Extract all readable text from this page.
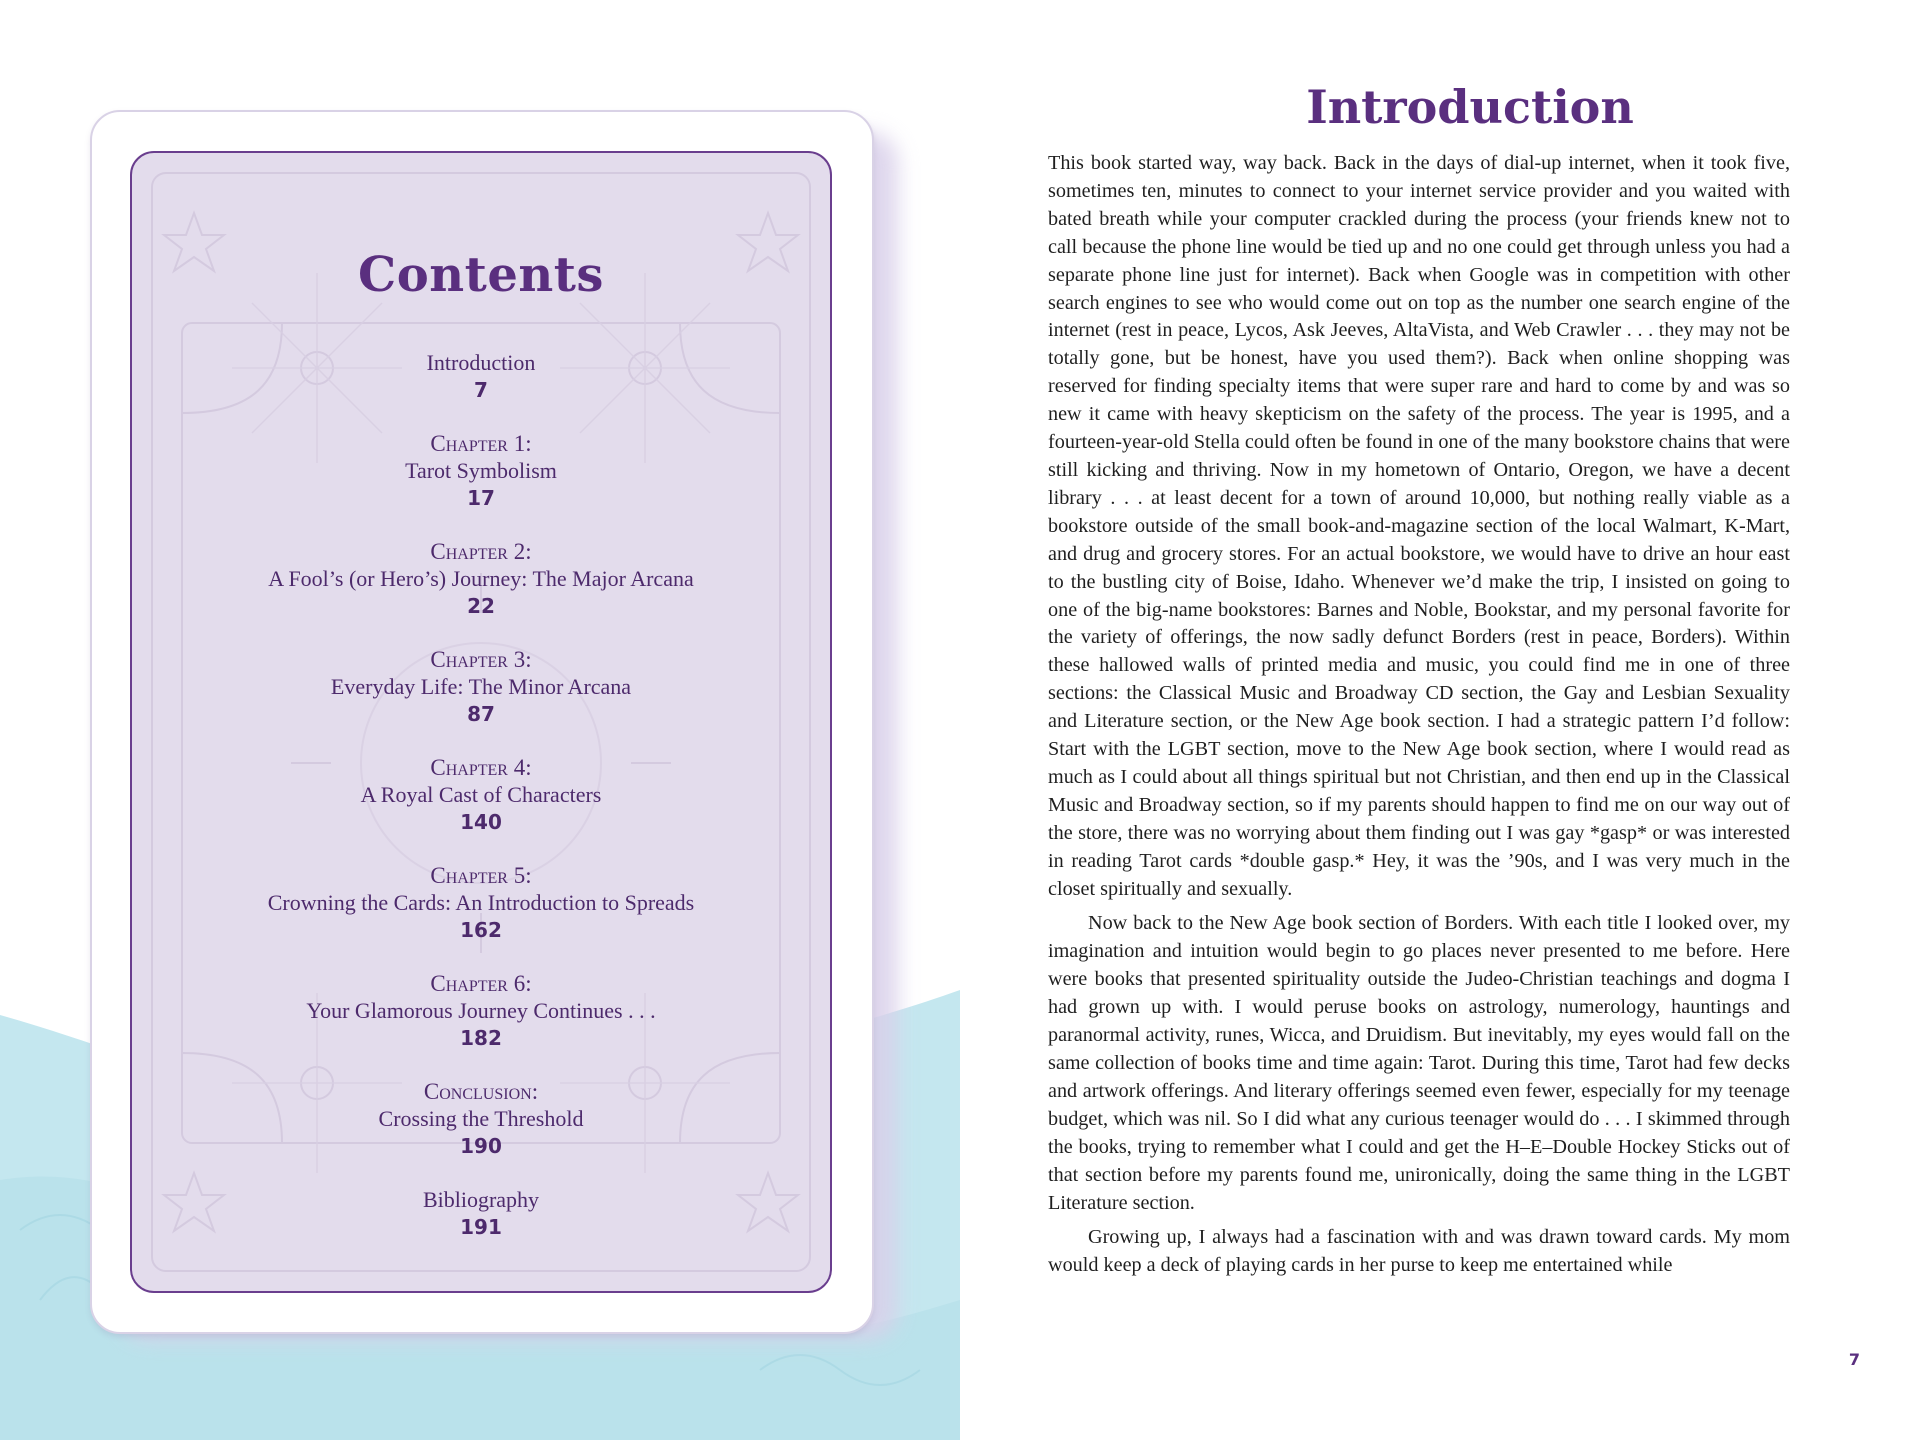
Contents
Introduction
7
Chapter 1:
Tarot Symbolism
17
Chapter 2:
A Fool’s (or Hero’s) Journey: The Major Arcana
22
Chapter 3:
Everyday Life: The Minor Arcana
87
Chapter 4:
A Royal Cast of Characters
140
Chapter 5:
Crowning the Cards: An Introduction to Spreads
162
Chapter 6:
Your Glamorous Journey Continues . . .
182
Conclusion:
Crossing the Threshold
190
Bibliography
191
Introduction

This book started way, way back. Back in the days of dial-up internet, when it took five, sometimes ten, minutes to connect to your internet service provider and you waited with bated breath while your computer crackled during the process (your friends knew not to call because the phone line would be tied up and no one could get through unless you had a separate phone line just for internet). Back when Google was in competition with other search engines to see who would come out on top as the number one search engine of the internet (rest in peace, Lycos, Ask Jeeves, AltaVista, and Web Crawler . . . they may not be totally gone, but be honest, have you used them?). Back when online shopping was reserved for finding specialty items that were super rare and hard to come by and was so new it came with heavy skepticism on the safety of the process. The year is 1995, and a fourteen-year-old Stella could often be found in one of the many bookstore chains that were still kicking and thriving. Now in my hometown of Ontario, Oregon, we have a decent library . . . at least decent for a town of around 10,000, but nothing really viable as a bookstore outside of the small book-and-magazine section of the local Walmart, K-Mart, and drug and grocery stores. For an actual bookstore, we would have to drive an hour east to the bustling city of Boise, Idaho. Whenever we’d make the trip, I insisted on going to one of the big-name bookstores: Barnes and Noble, Bookstar, and my personal favorite for the variety of offerings, the now sadly defunct Borders (rest in peace, Borders). Within these hallowed walls of printed media and music, you could find me in one of three sections: the Classical Music and Broadway CD section, the Gay and Lesbian Sexuality and Literature section, or the New Age book section. I had a strategic pattern I’d follow: Start with the LGBT section, move to the New Age book section, where I would read as much as I could about all things spiritual but not Christian, and then end up in the Classical Music and Broadway section, so if my parents should happen to find me on our way out of the store, there was no worrying about them finding out I was gay *gasp* or was interested in reading Tarot cards *double gasp.* Hey, it was the ’90s, and I was very much in the closet spiritually and sexually.

Now back to the New Age book section of Borders. With each title I looked over, my imagination and intuition would begin to go places never presented to me before. Here were books that presented spirituality outside the Judeo-Christian teachings and dogma I had grown up with. I would peruse books on astrology, numerology, hauntings and paranormal activity, runes, Wicca, and Druidism. But inevitably, my eyes would fall on the same collection of books time and time again: Tarot. During this time, Tarot had few decks and artwork offerings. And literary offerings seemed even fewer, especially for my teenage budget, which was nil. So I did what any curious teenager would do . . . I skimmed through the books, trying to remember what I could and get the H–E–Double Hockey Sticks out of that section before my parents found me, unironically, doing the same thing in the LGBT Literature section.

Growing up, I always had a fascination with and was drawn toward cards. My mom would keep a deck of playing cards in her purse to keep me entertained while

7
